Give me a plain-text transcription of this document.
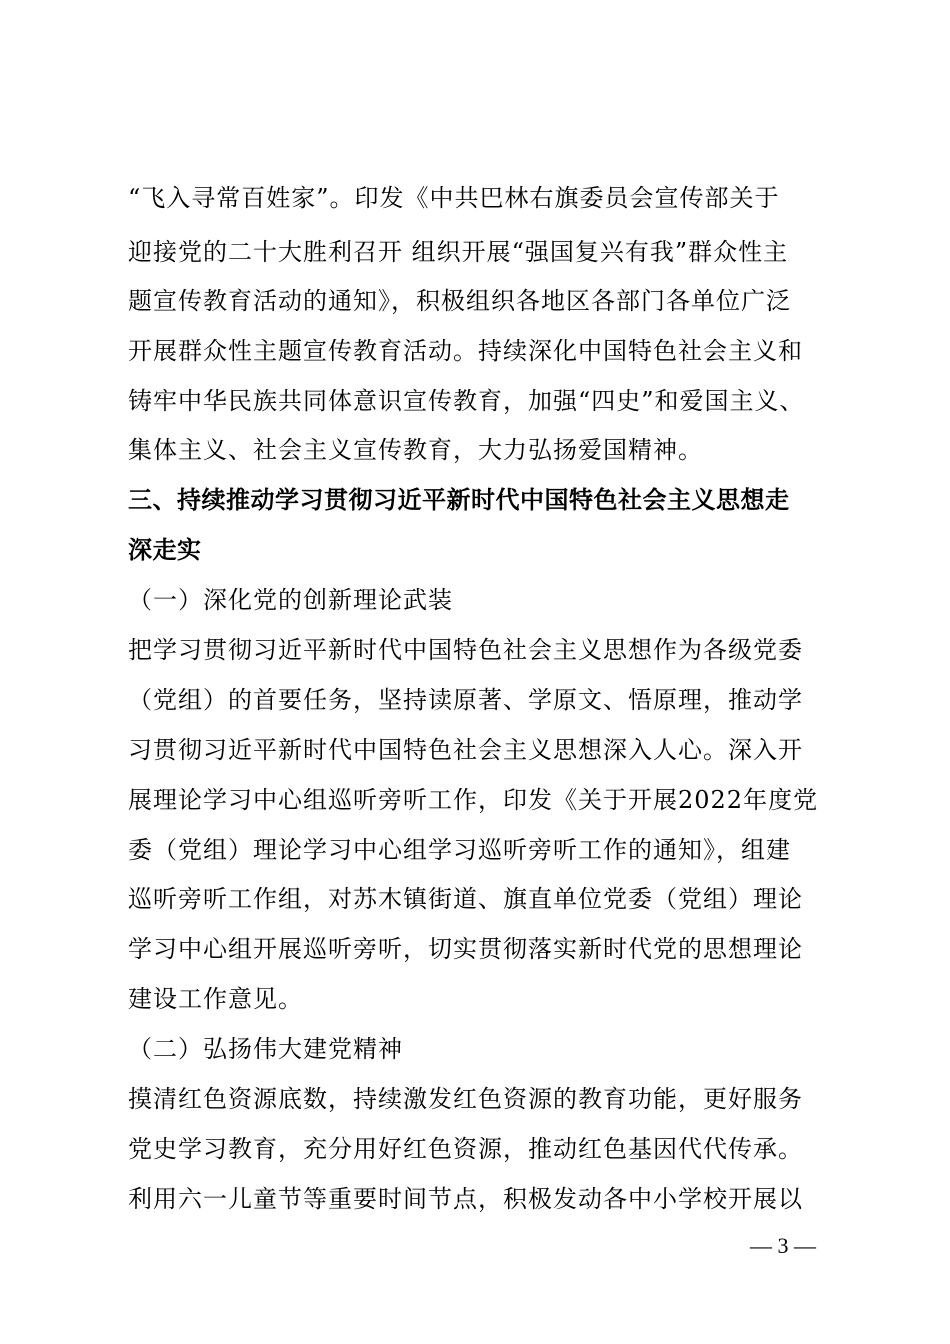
“飞入寻常百姓家”。印发《中共巴林右旗委员会宣传部关于
迎接党的二十大胜利召开 组织开展“强国复兴有我”群众性主
题宣传教育活动的通知》，积极组织各地区各部门各单位广泛
开展群众性主题宣传教育活动。持续深化中国特色社会主义和
铸牢中华民族共同体意识宣传教育，加强“四史”和爱国主义、
集体主义、社会主义宣传教育，大力弘扬爱国精神。
三、持续推动学习贯彻习近平新时代中国特色社会主义思想走
深走实
（一）深化党的创新理论武装
把学习贯彻习近平新时代中国特色社会主义思想作为各级党委
（党组）的首要任务，坚持读原著、学原文、悟原理，推动学
习贯彻习近平新时代中国特色社会主义思想深入人心。深入开
展理论学习中心组巡听旁听工作，印发《关于开展2022年度党
委（党组）理论学习中心组学习巡听旁听工作的通知》，组建
巡听旁听工作组，对苏木镇街道、旗直单位党委（党组）理论
学习中心组开展巡听旁听，切实贯彻落实新时代党的思想理论
建设工作意见。
（二）弘扬伟大建党精神
摸清红色资源底数，持续激发红色资源的教育功能，更好服务
党史学习教育，充分用好红色资源，推动红色基因代代传承。
利用六一儿童节等重要时间节点，积极发动各中小学校开展以
— 3 —
